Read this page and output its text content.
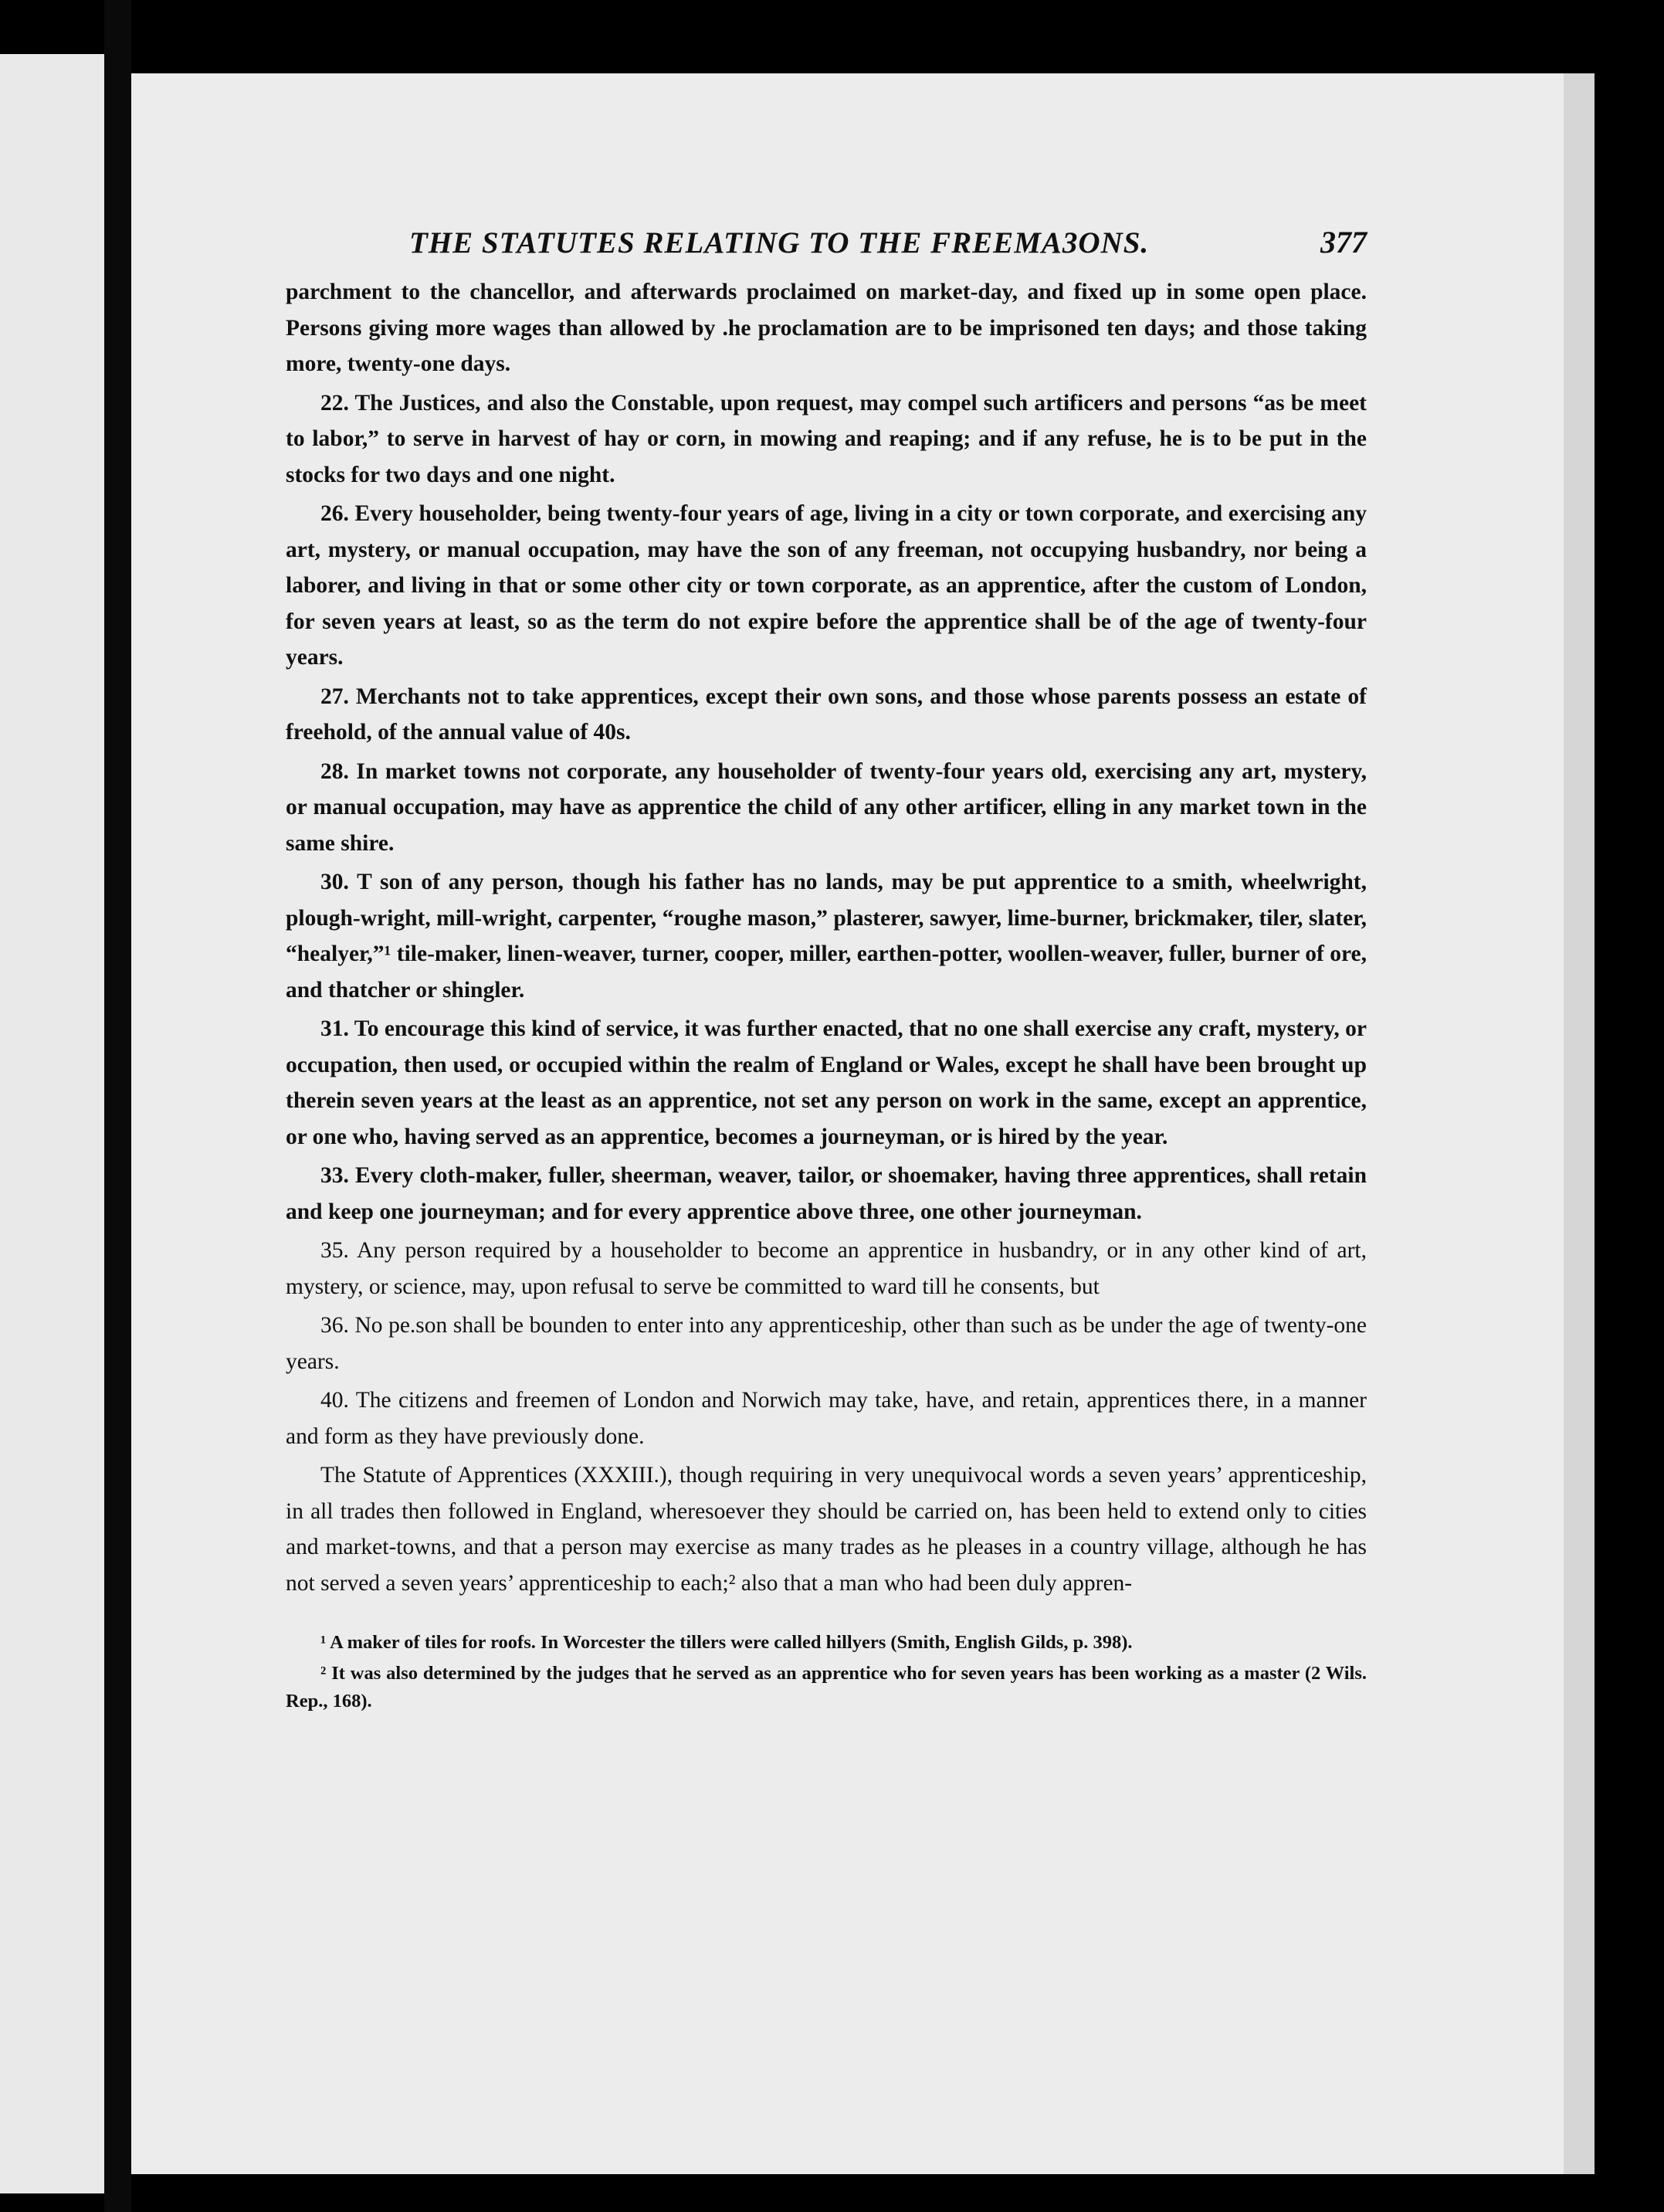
THE STATUTES RELATING TO THE FREEMA3ONS.	377

parchment to the chancellor, and afterwards proclaimed on market-day, and fixed up in some open place. Persons giving more wages than allowed by .he proclamation are to be imprisoned ten days; and those taking more, twenty-one days.

22. The Justices, and also the Constable, upon request, may compel such artificers and persons “as be meet to labor,” to serve in harvest of hay or corn, in mowing and reaping; and if any refuse, he is to be put in the stocks for two days and one night.

26. Every householder, being twenty-four years of age, living in a city or town corporate, and exercising any art, mystery, or manual occupation, may have the son of any freeman, not occupying husbandry, nor being a laborer, and living in that or some other city or town corporate, as an apprentice, after the custom of London, for seven years at least, so as the term do not expire before the apprentice shall be of the age of twenty-four years.

27. Merchants not to take apprentices, except their own sons, and those whose parents possess an estate of freehold, of the annual value of 40s.

28. In market towns not corporate, any householder of twenty-four years old, exercising any art, mystery, or manual occupation, may have as apprentice the child of any other artificer, elling in any market town in the same shire.

30. T son of any person, though his father has no lands, may be put apprentice to a smith, wheelwright, plough-wright, mill-wright, carpenter, “roughe mason,” plasterer, sawyer, lime-burner, brickmaker, tiler, slater, “healyer,”¹ tile-maker, linen-weaver, turner, cooper, miller, earthen-potter, woollen-weaver, fuller, burner of ore, and thatcher or shingler.

31. To encourage this kind of service, it was further enacted, that no one shall exercise any craft, mystery, or occupation, then used, or occupied within the realm of England or Wales, except he shall have been brought up therein seven years at the least as an apprentice, not set any person on work in the same, except an apprentice, or one who, having served as an apprentice, becomes a journeyman, or is hired by the year.

33. Every cloth-maker, fuller, sheerman, weaver, tailor, or shoemaker, having three apprentices, shall retain and keep one journeyman; and for every apprentice above three, one other journeyman.

35. Any person required by a householder to become an apprentice in husbandry, or in any other kind of art, mystery, or science, may, upon refusal to serve be committed to ward till he consents, but

36. No pe.son shall be bounden to enter into any apprenticeship, other than such as be under the age of twenty-one years.

40. The citizens and freemen of London and Norwich may take, have, and retain, apprentices there, in a manner and form as they have previously done.

The Statute of Apprentices (XXXIII.), though requiring in very unequivocal words a seven years’ apprenticeship, in all trades then followed in England, wheresoever they should be carried on, has been held to extend only to cities and market-towns, and that a person may exercise as many trades as he pleases in a country village, although he has not served a seven years’ apprenticeship to each;² also that a man who had been duly appren-

¹ A maker of tiles for roofs. In Worcester the tillers were called hillyers (Smith, English Gilds, p. 398).

² It was also determined by the judges that he served as an apprentice who for seven years has been working as a master (2 Wils. Rep., 168).
